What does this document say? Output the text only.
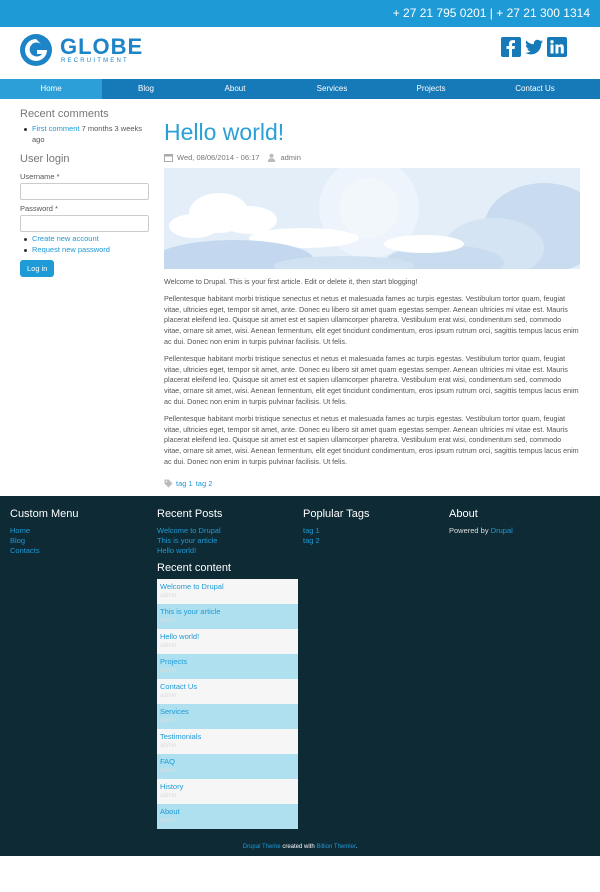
+ 27 21 795 0201 | + 27 21 300 1314
GLOBE
RECRUITMENT
Home	Blog	About	Services	Projects	Contact Us
Recent comments
First comment 7 months 3 weeks ago
User login
Username *
Password *
Create new account
Request new password
Log in
Hello world!
Wed, 08/06/2014 - 06:17	admin

Welcome to Drupal. This is your first article. Edit or delete it, then start blogging!

Pellentesque habitant morbi tristique senectus et netus et malesuada fames ac turpis egestas. Vestibulum tortor quam, feugiat vitae, ultricies eget, tempor sit amet, ante. Donec eu libero sit amet quam egestas semper. Aenean ultricies mi vitae est. Mauris placerat eleifend leo. Quisque sit amet est et sapien ullamcorper pharetra. Vestibulum erat wisi, condimentum sed, commodo vitae, ornare sit amet, wisi. Aenean fermentum, elit eget tincidunt condimentum, eros ipsum rutrum orci, sagittis tempus lacus enim ac dui. Donec non enim in turpis pulvinar facilisis. Ut felis.

Pellentesque habitant morbi tristique senectus et netus et malesuada fames ac turpis egestas. Vestibulum tortor quam, feugiat vitae, ultricies eget, tempor sit amet, ante. Donec eu libero sit amet quam egestas semper. Aenean ultricies mi vitae est. Mauris placerat eleifend leo. Quisque sit amet est et sapien ullamcorper pharetra. Vestibulum erat wisi, condimentum sed, commodo vitae, ornare sit amet, wisi. Aenean fermentum, elit eget tincidunt condimentum, eros ipsum rutrum orci, sagittis tempus lacus enim ac dui. Donec non enim in turpis pulvinar facilisis. Ut felis.

Pellentesque habitant morbi tristique senectus et netus et malesuada fames ac turpis egestas. Vestibulum tortor quam, feugiat vitae, ultricies eget, tempor sit amet, ante. Donec eu libero sit amet quam egestas semper. Aenean ultricies mi vitae est. Mauris placerat eleifend leo. Quisque sit amet est et sapien ullamcorper pharetra. Vestibulum erat wisi, condimentum sed, commodo vitae, ornare sit amet, wisi. Aenean fermentum, elit eget tincidunt condimentum, eros ipsum rutrum orci, sagittis tempus lacus enim ac dui. Donec non enim in turpis pulvinar facilisis. Ut felis.

tag 1 tag 2
Custom Menu
Home
Blog
Contacts
Recent Posts
Welcome to Drupal
This is your article
Hello world!
Poplular Tags
tag 1
tag 2
About
Powered by Drupal
Recent content
Welcome to Drupal
admin
This is your article
admin
Hello world!
admin
Projects
admin
Contact Us
admin
Services
admin
Testimonials
admin
FAQ
admin
History
admin
About
admin
Drupal Theme created with Billion Themler.
